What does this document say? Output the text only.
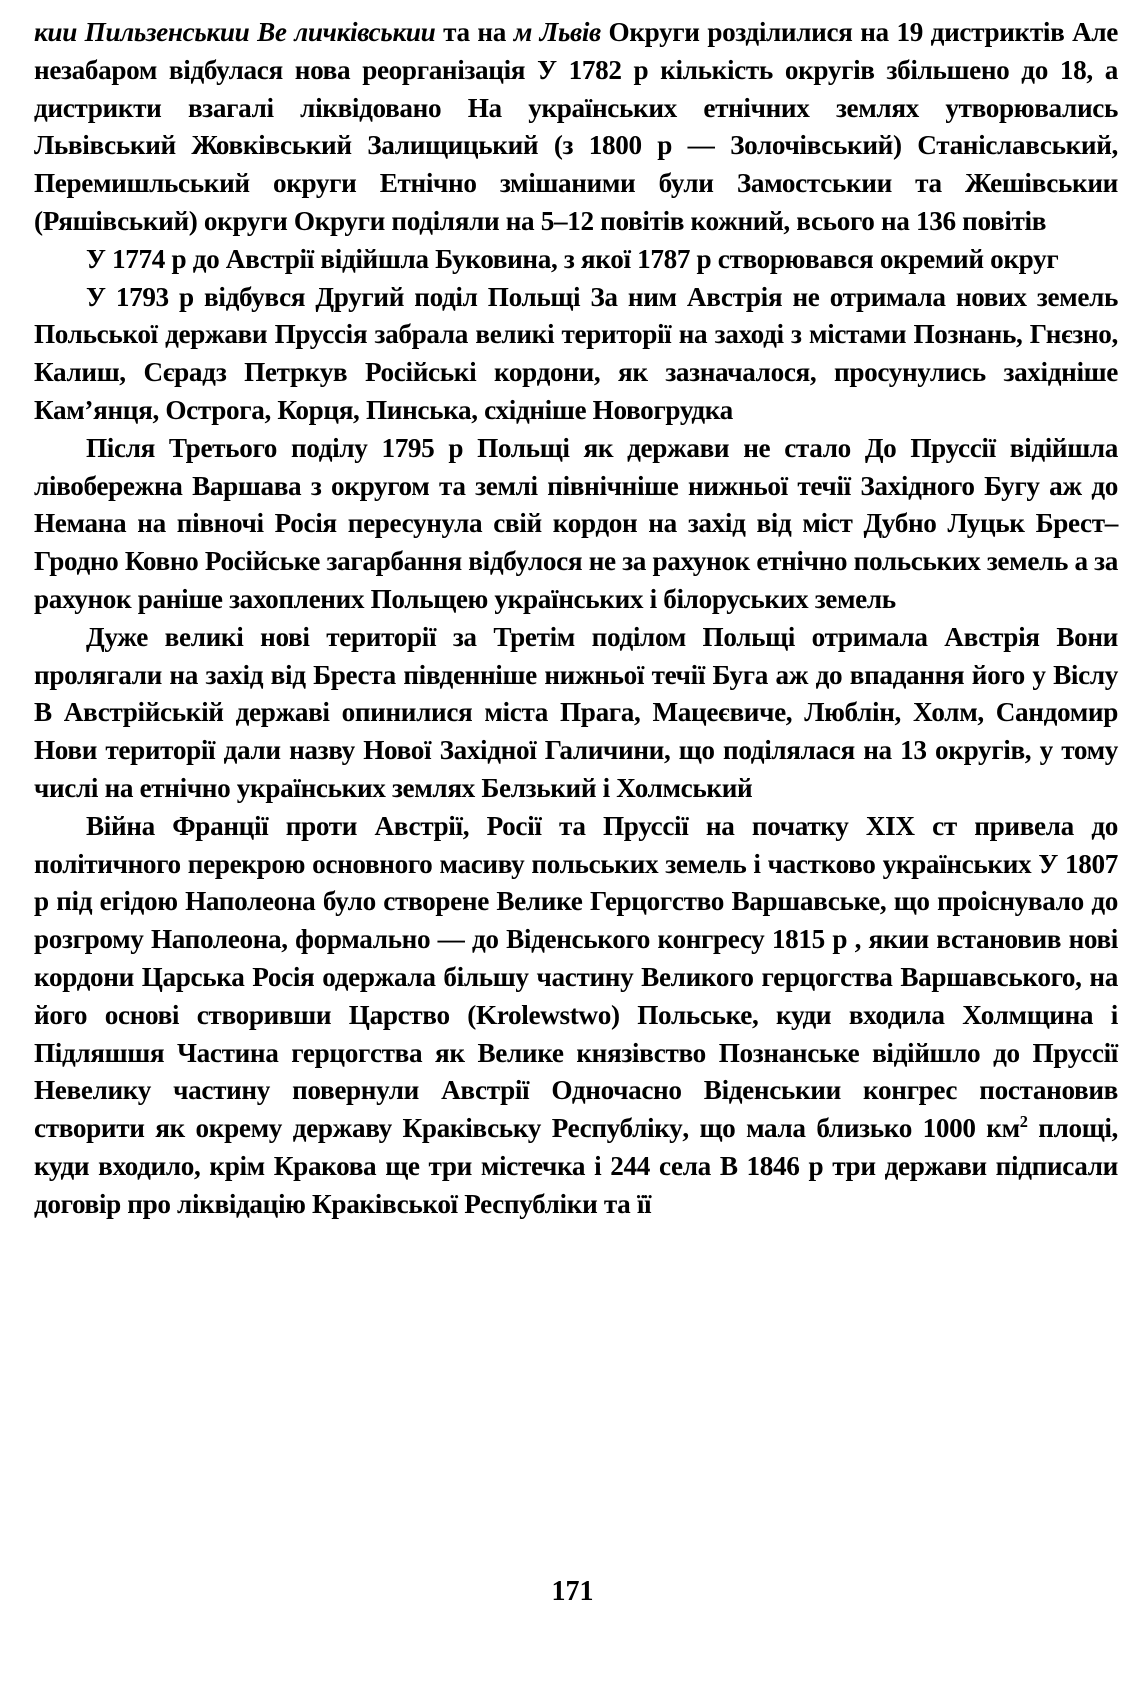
кии Пильзенськии Ве личківськии та на м Львів Округи розділилися на 19 дистриктів Але незабаром відбулася нова реорганізація У 1782 р кількість округів збільшено до 18, а дистрикти взагалі ліквідовано На українських етнічних землях утворювались Львівський Жовківський Залищицький (з 1800 р — Золочівський) Станіславський, Перемишльський округи Етнічно змішаними були Замостськии та Жешівськии (Ряшівський) округи Округи поділяли на 5–12 повітів кожний, всього на 136 повітів

У 1774 р до Австрії відійшла Буковина, з якої 1787 р створювався окремий округ

У 1793 р відбувся Другий поділ Польщі За ним Австрія не отримала нових земель Польської держави Пруссія забрала великі території на заході з містами Познань, Гнєзно, Калиш, Сєрадз Петркув Російські кордони, як зазначалося, просунулись західніше Кам’янця, Острога, Корця, Пинська, східніше Новогрудка

Після Третього поділу 1795 р Польщі як держави не стало До Пруссії відійшла лівобережна Варшава з округом та землі північніше нижньої течії Західного Бугу аж до Немана на півночі Росія пересунула свій кордон на захід від міст Дубно Луцьк Брест–Гродно Ковно Російське загарбання відбулося не за рахунок етнічно польських земель а за рахунок раніше захоплених Польщею українських і білоруських земель

Дуже великі нові території за Третім поділом Польщі отримала Австрія Вони пролягали на захід від Бреста південніше нижньої течії Буга аж до впадання його у Віслу В Австрійській державі опинилися міста Прага, Мацеєвиче, Люблін, Холм, Сандомир Нови території дали назву Нової Західної Галичини, що поділялася на 13 округів, у тому числі на етнічно українських землях Белзький і Холмський

Війна Франції проти Австрії, Росії та Пруссії на початку XIX ст привела до політичного перекрою основного масиву польських земель і частково українських У 1807 р під егідою Наполеона було створене Велике Герцогство Варшавське, що проіснувало до розгрому Наполеона, формально — до Віденського конгресу 1815 р , якии встановив нові кордони Царська Росія одержала більшу частину Великого герцогства Варшавського, на його основі створивши Царство (Krolewstwo) Польське, куди входила Холмщина і Підляшшя Частина герцогства як Велике князівство Познанське відійшло до Пруссії Невелику частину повернули Австрії Одночасно Віденськии конгрес постановив створити як окрему державу Краківську Республіку, що мала близько 1000 $км^2$ площі, куди входило, крім Кракова ще три містечка і 244 села В 1846 р три держави підписали договір про ліквідацію Краківської Республіки та її

171
